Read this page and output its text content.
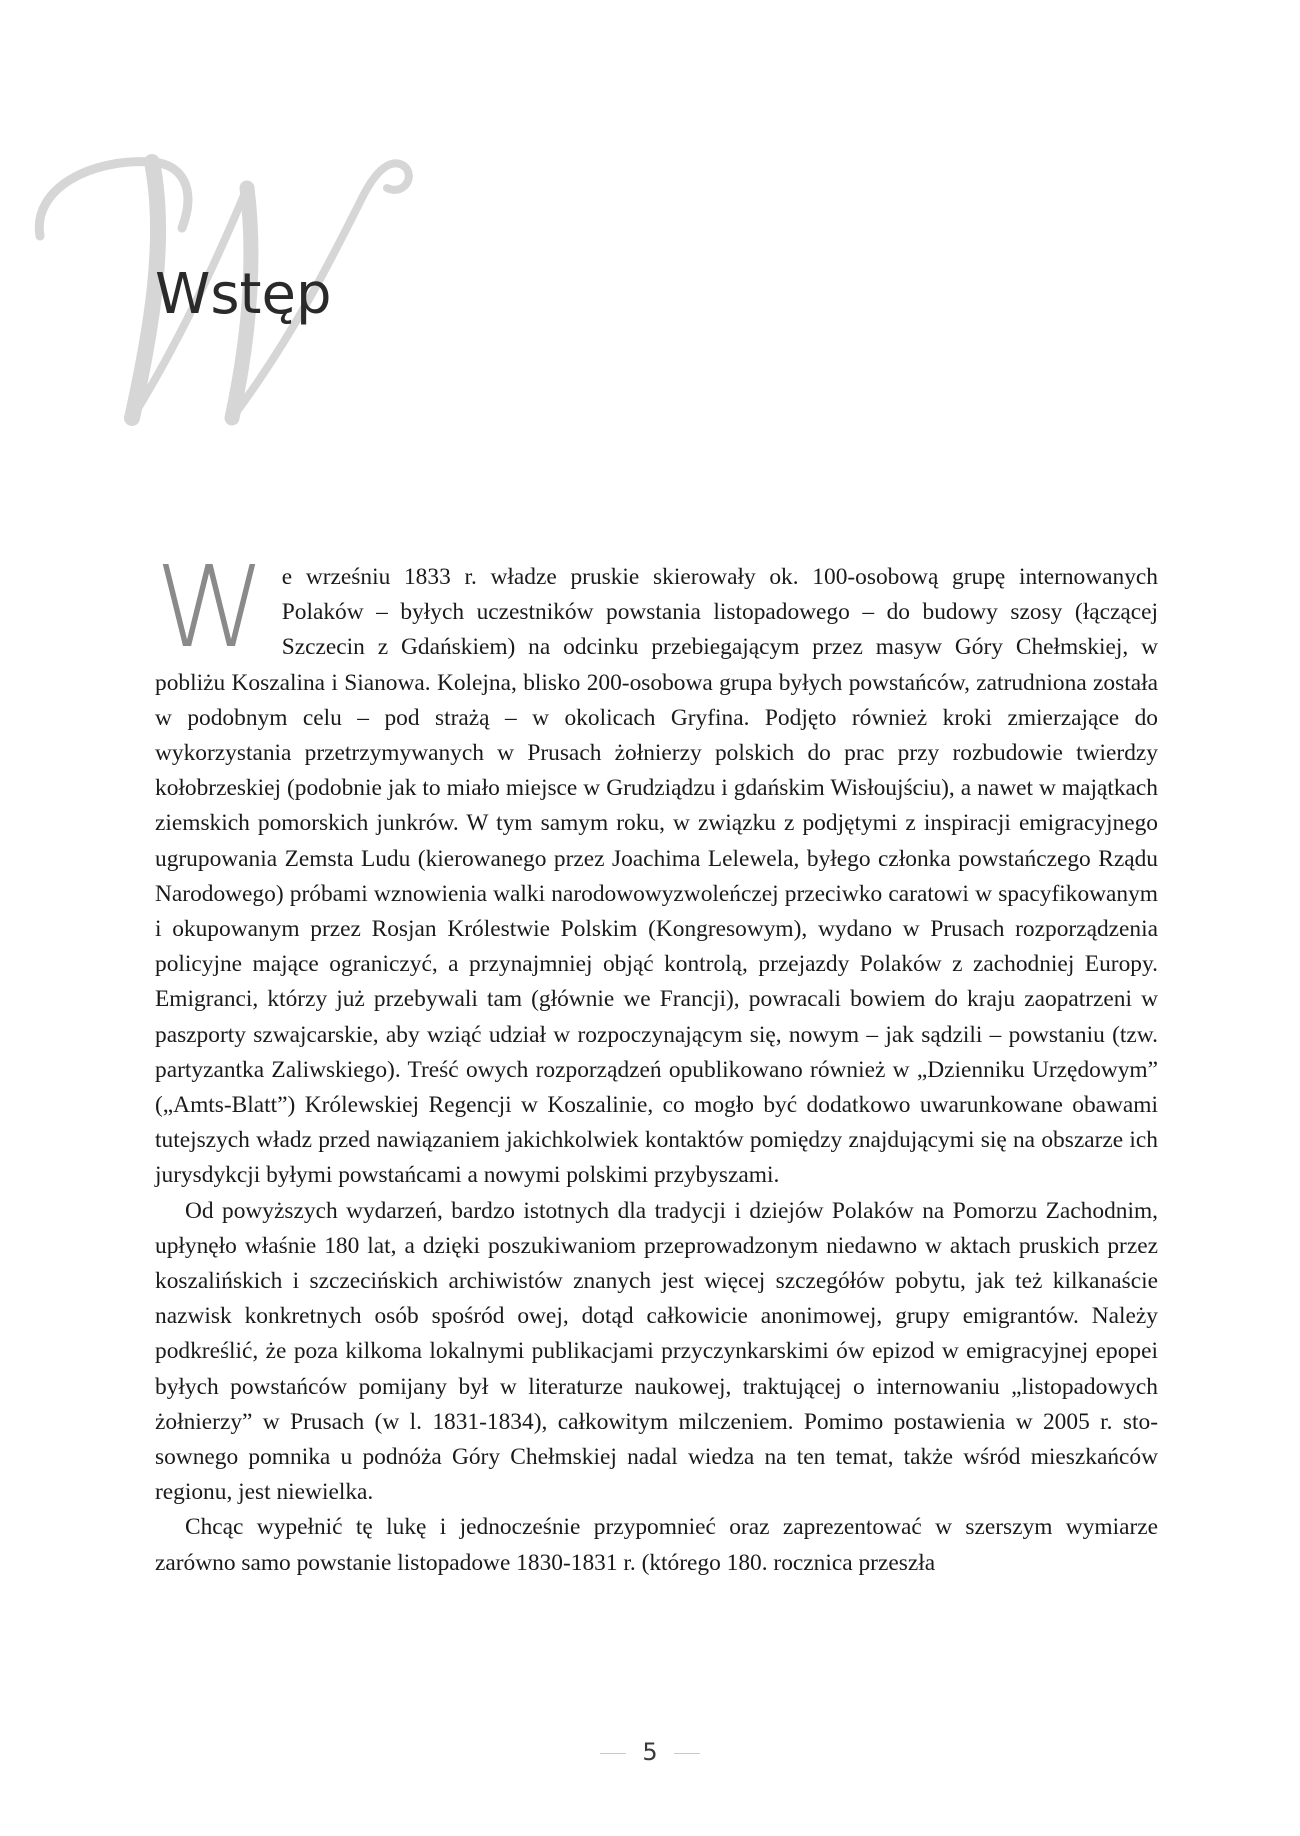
Wstęp

We wrześniu 1833 r. władze pruskie skierowały ok. 100-osobową grupę internowanych Polaków – byłych uczestników powstania listopadowego – do budowy szosy (łączącej Szczecin z Gdańskiem) na odcinku przebiegającym przez masyw Góry Chełmskiej, w pobliżu Koszalina i Sianowa. Kolejna, blisko 200-osobowa grupa byłych powstańców, zatrudniona została w podobnym celu – pod strażą – w okolicach Gryfina. Podjęto również kroki zmierzające do wykorzystania przetrzymywanych w Prusach żołnierzy polskich do prac przy rozbudowie twierdzy kołobrzeskiej (podobnie jak to miało miejsce w Grudziądzu i gdańskim Wisłoujściu), a nawet w majątkach ziemskich pomorskich junkrów. W tym samym roku, w związku z podjętymi z inspiracji emigracyjnego ugrupowania Zemsta Ludu (kierowanego przez Joachima Lelewela, byłego członka powstańczego Rządu Narodowego) próbami wznowienia walki narodowowyzwoleńczej przeciwko caratowi w spacyfikowanym i okupowanym przez Rosjan Królestwie Polskim (Kongresowym), wydano w Prusach rozporządzenia policyjne mające ograniczyć, a przynajmniej objąć kontrolą, przejazdy Polaków z zachodniej Europy. Emigranci, którzy już przebywali tam (głównie we Francji), powracali bowiem do kraju zaopatrzeni w paszporty szwajcarskie, aby wziąć udział w rozpoczynającym się, nowym – jak sądzili – powstaniu (tzw. partyzantka Zaliwskiego). Treść owych rozporządzeń opublikowano również w „Dzienniku Urzędowym” („Amts-Blatt”) Królewskiej Regencji w Koszalinie, co mogło być dodatkowo uwarunkowane obawami tutejszych władz przed nawiązaniem jakichkolwiek kontaktów pomiędzy znajdującymi się na obszarze ich jurysdykcji byłymi powstańcami a nowymi polskimi przybyszami.

Od powyższych wydarzeń, bardzo istotnych dla tradycji i dziejów Polaków na Pomorzu Zachodnim, upłynęło właśnie 180 lat, a dzięki poszukiwaniom przeprowadzonym niedawno w aktach pruskich przez koszalińskich i szczecińskich archiwistów znanych jest więcej szczegółów pobytu, jak też kilkanaście nazwisk konkretnych osób spośród owej, dotąd całkowicie anonimowej, grupy emigrantów. Należy podkreślić, że poza kilkoma lokalnymi publikacjami przyczynkarskimi ów epizod w emigracyjnej epopei byłych powstańców pomijany był w literaturze naukowej, traktującej o internowaniu „listopadowych żołnierzy” w Prusach (w l. 1831-1834), całkowitym milczeniem. Pomimo postawienia w 2005 r. stosownego pomnika u podnóża Góry Chełmskiej nadal wiedza na ten temat, także wśród mieszkańców regionu, jest niewielka.

Chcąc wypełnić tę lukę i jednocześnie przypomnieć oraz zaprezentować w szerszym wymiarze zarówno samo powstanie listopadowe 1830-1831 r. (którego 180. rocznica przeszła

5
